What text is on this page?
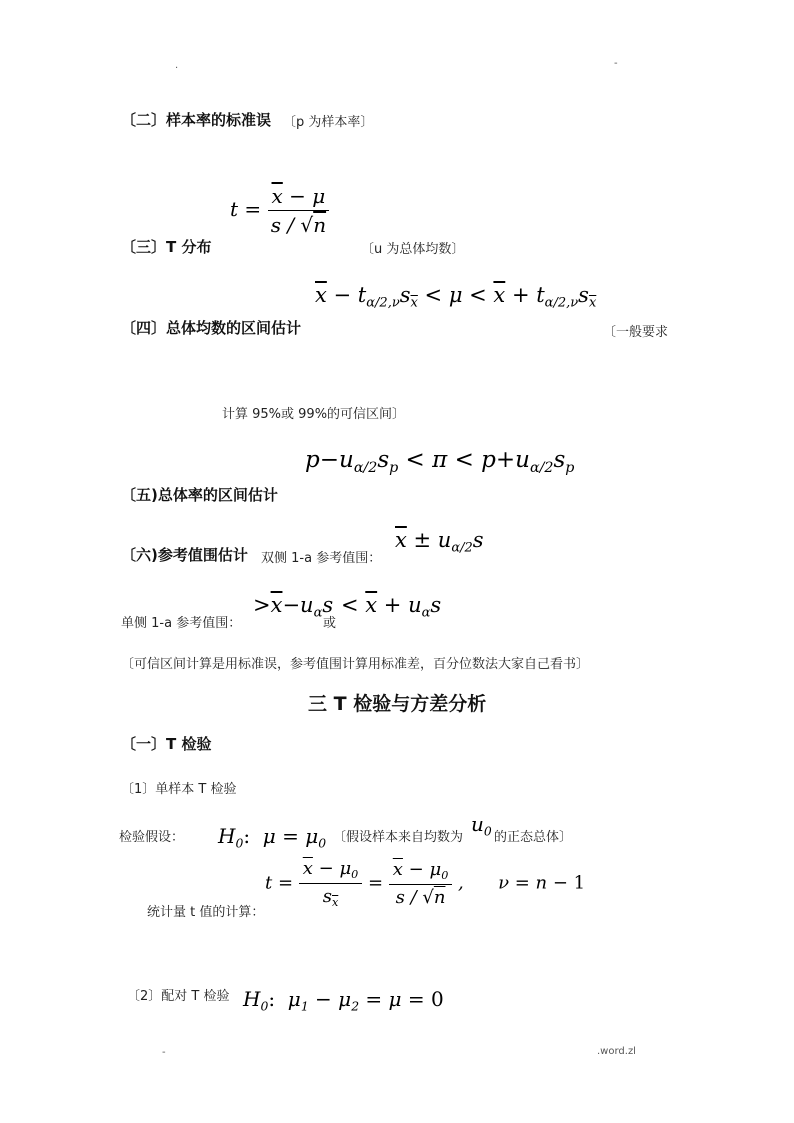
.	-
〔二〕样本率的标准误 〔p 为样本率〕
$t = \frac{\overline{x} - \mu}{s / √n}$
〔三〕T 分布	〔u 为总体均数〕
$\overline{x} - t_{\alpha/2,\nu}s_{\overline{x}} < \mu < \overline{x} + t_{\alpha/2,\nu}s_{\overline{x}}$
〔四〕总体均数的区间估计	〔一般要求
计算 95%或 99%的可信区间〕
$p-u_{\alpha/2}s_p < \pi < p+u_{\alpha/2}s_p$
〔五)总体率的区间估计
〔六)参考值围估计 双侧 1-a 参考值围：
$\overline{x} \pm u_{\alpha/2}s$
单侧 1-a 参考值围：
$>\overline{x}-u_\alpha s$
或
< $\overline{x} + u_\alpha s$
〔可信区间计算是用标准误，参考值围计算用标准差，百分位数法大家自己看书〕
三 T 检验与方差分析
〔一〕T 检验
〔1〕单样本 T 检验
检验假设： $H_0$:  $\mu = \mu_0$ 〔假设样本来自均数为
$u_0$ 的正态总体〕
$t = \frac{\overline{x} - \mu_0}{s_{\overline{x}}} = \frac{\overline{x} - \mu_0}{s / √n}$ ,      ν = n − 1
统计量 t 值的计算：
〔2〕配对 T 检验 $H_0$:  $\mu_1 - \mu_2 = \mu = 0$
-	.word.zl
